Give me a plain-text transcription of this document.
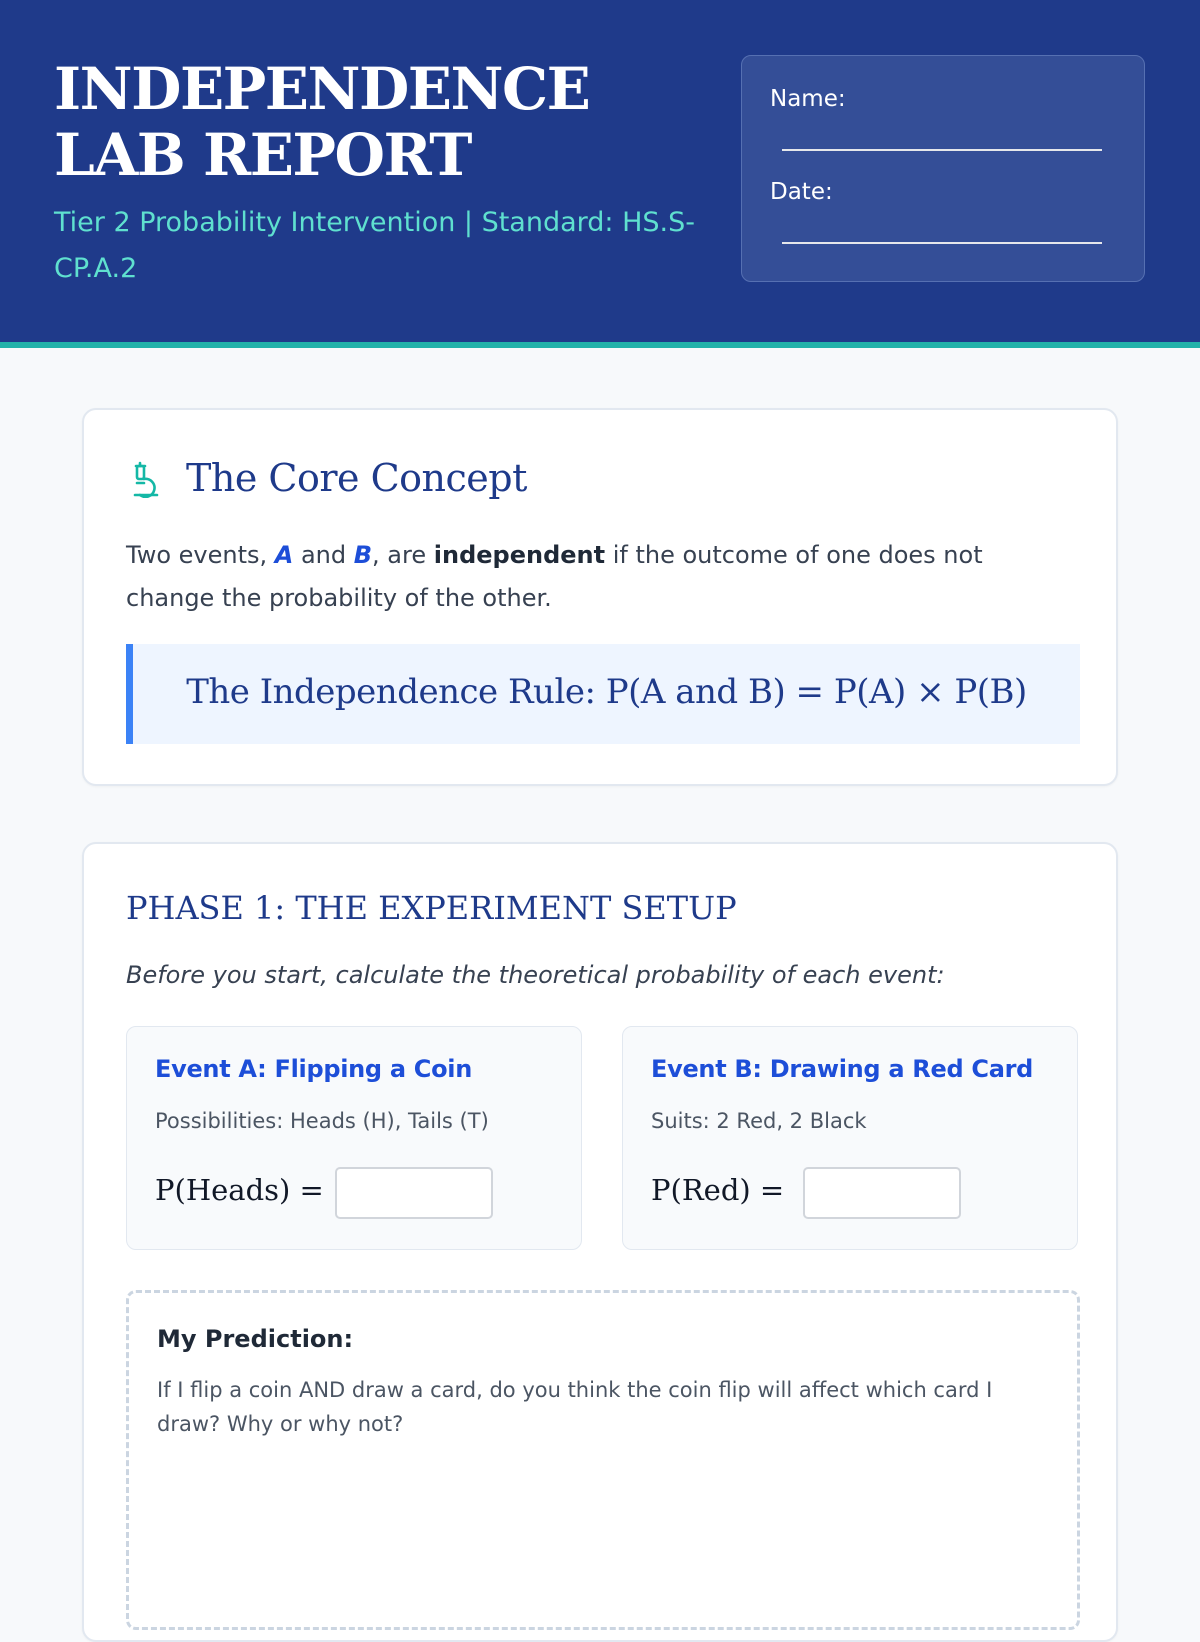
INDEPENDENCE LAB REPORT
Tier 2 Probability Intervention | Standard: HS.S-CP.A.2
Name:
Date:
The Core Concept

Two events, A and B, are independent if the outcome of one does not change the probability of the other.

The Independence Rule: P(A and B) = P(A) × P(B)
PHASE 1: THE EXPERIMENT SETUP

Before you start, calculate the theoretical probability of each event:

Event A: Flipping a Coin
Possibilities: Heads (H), Tails (T)
P(Heads) =
Event B: Drawing a Red Card
Suits: 2 Red, 2 Black
P(Red) =
My Prediction:
If I flip a coin AND draw a card, do you think the coin flip will affect which card I draw? Why or why not?
